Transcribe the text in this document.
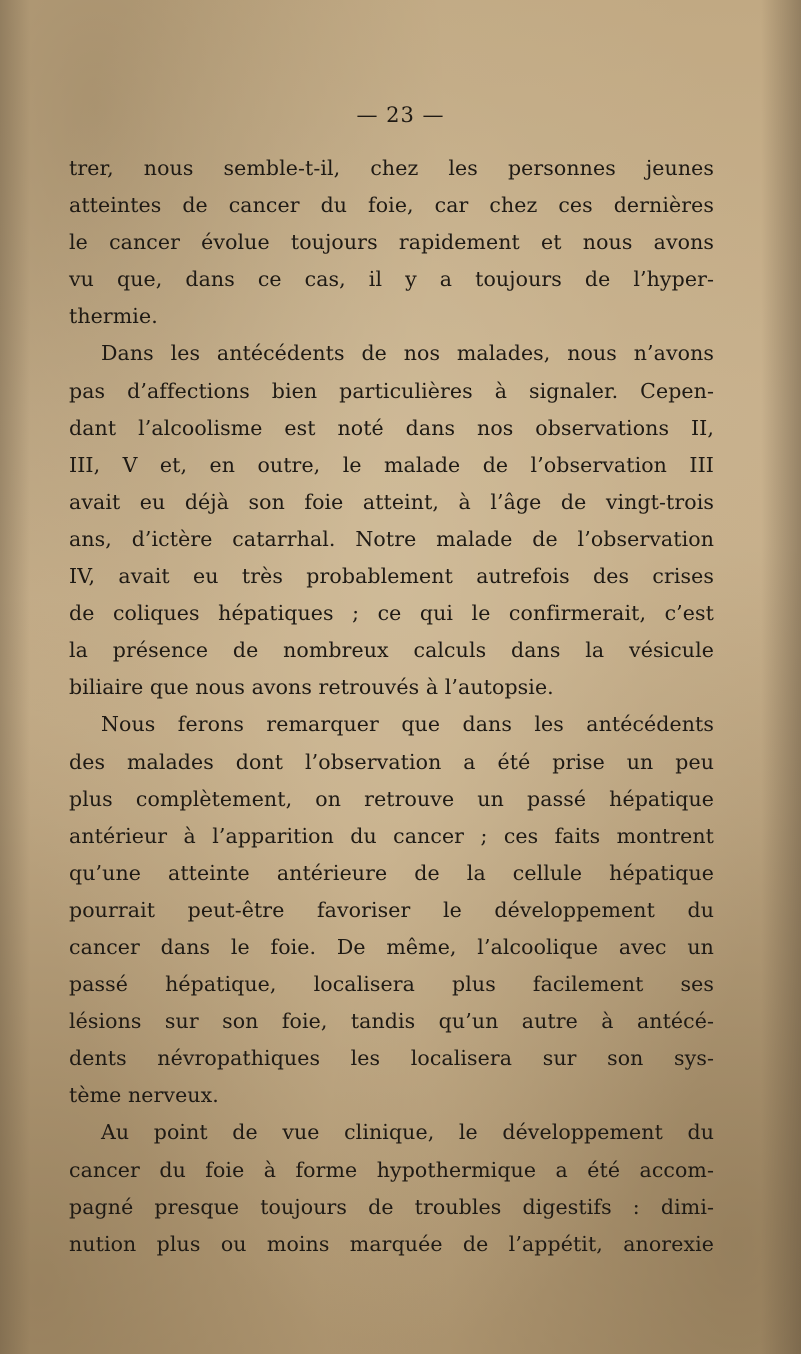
— 23 —
trer, nous semble-t-il, chez les personnes jeunes
atteintes de cancer du foie, car chez ces dernières
le cancer évolue toujours rapidement et nous avons
vu que, dans ce cas, il y a toujours de l’hyper-
thermie.
Dans les antécédents de nos malades, nous n’avons
pas d’affections bien particulières à signaler. Cepen-
dant l’alcoolisme est noté dans nos observations II,
III, V et, en outre, le malade de l’observation III
avait eu déjà son foie atteint, à l’âge de vingt-trois
ans, d’ictère catarrhal. Notre malade de l’observation
IV, avait eu très probablement autrefois des crises
de coliques hépatiques ; ce qui le confirmerait, c’est
la présence de nombreux calculs dans la vésicule
biliaire que nous avons retrouvés à l’autopsie.
Nous ferons remarquer que dans les antécédents
des malades dont l’observation a été prise un peu
plus complètement, on retrouve un passé hépatique
antérieur à l’apparition du cancer ; ces faits montrent
qu’une atteinte antérieure de la cellule hépatique
pourrait peut-être favoriser le développement du
cancer dans le foie. De même, l’alcoolique avec un
passé hépatique, localisera plus facilement ses
lésions sur son foie, tandis qu’un autre à antécé-
dents névropathiques les localisera sur son sys-
tème nerveux.
Au point de vue clinique, le développement du
cancer du foie à forme hypothermique a été accom-
pagné presque toujours de troubles digestifs : dimi-
nution plus ou moins marquée de l’appétit, anorexie
